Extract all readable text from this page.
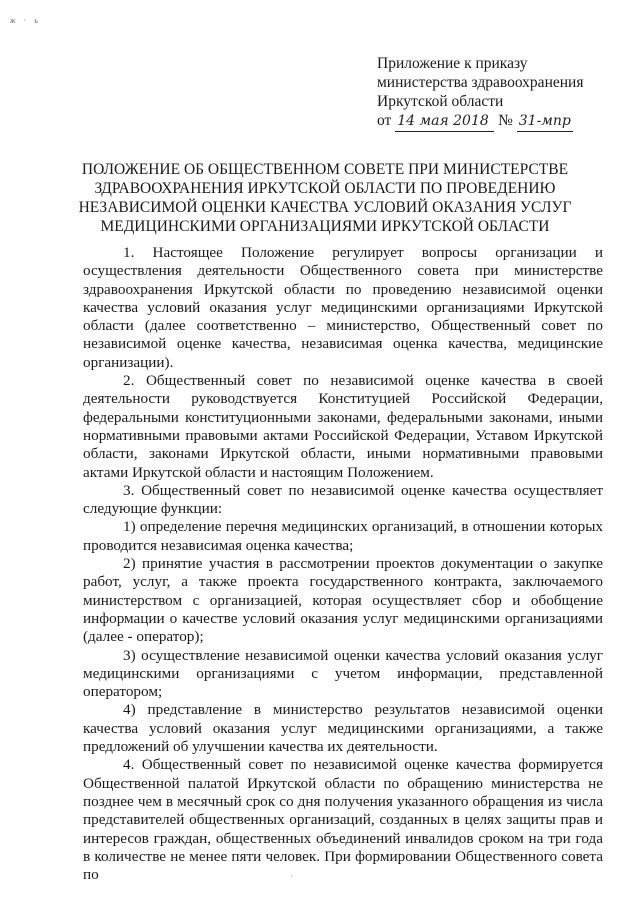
ж · ь
Приложение к приказу
министерства здравоохранения
Иркутской области
от 14 мая 2018 № 31-мпр
ПОЛОЖЕНИЕ ОБ ОБЩЕСТВЕННОМ СОВЕТЕ ПРИ МИНИСТЕРСТВЕ
ЗДРАВООХРАНЕНИЯ ИРКУТСКОЙ ОБЛАСТИ ПО ПРОВЕДЕНИЮ
НЕЗАВИСИМОЙ ОЦЕНКИ КАЧЕСТВА УСЛОВИЙ ОКАЗАНИЯ УСЛУГ
МЕДИЦИНСКИМИ ОРГАНИЗАЦИЯМИ ИРКУТСКОЙ ОБЛАСТИ

1. Настоящее Положение регулирует вопросы организации и осуществления деятельности Общественного совета при министерстве здравоохранения Иркутской области по проведению независимой оценки качества условий оказания услуг медицинскими организациями Иркутской области (далее соответственно – министерство, Общественный совет по независимой оценке качества, независимая оценка качества, медицинские организации).

2. Общественный совет по независимой оценке качества в своей деятельности руководствуется Конституцией Российской Федерации, федеральными конституционными законами, федеральными законами, иными нормативными правовыми актами Российской Федерации, Уставом Иркутской области, законами Иркутской области, иными нормативными правовыми актами Иркутской области и настоящим Положением.

3. Общественный совет по независимой оценке качества осуществляет следующие функции:

1) определение перечня медицинских организаций, в отношении которых проводится независимая оценка качества;

2) принятие участия в рассмотрении проектов документации о закупке работ, услуг, а также проекта государственного контракта, заключаемого министерством с организацией, которая осуществляет сбор и обобщение информации о качестве условий оказания услуг медицинскими организациями (далее - оператор);

3) осуществление независимой оценки качества условий оказания услуг медицинскими организациями с учетом информации, представленной оператором;

4) представление в министерство результатов независимой оценки качества условий оказания услуг медицинскими организациями, а также предложений об улучшении качества их деятельности.

4. Общественный совет по независимой оценке качества формируется Общественной палатой Иркутской области по обращению министерства не позднее чем в месячный срок со дня получения указанного обращения из числа представителей общественных организаций, созданных в целях защиты прав и интересов граждан, общественных объединений инвалидов сроком на три года в количестве не менее пяти человек. При формировании Общественного совета по	·
